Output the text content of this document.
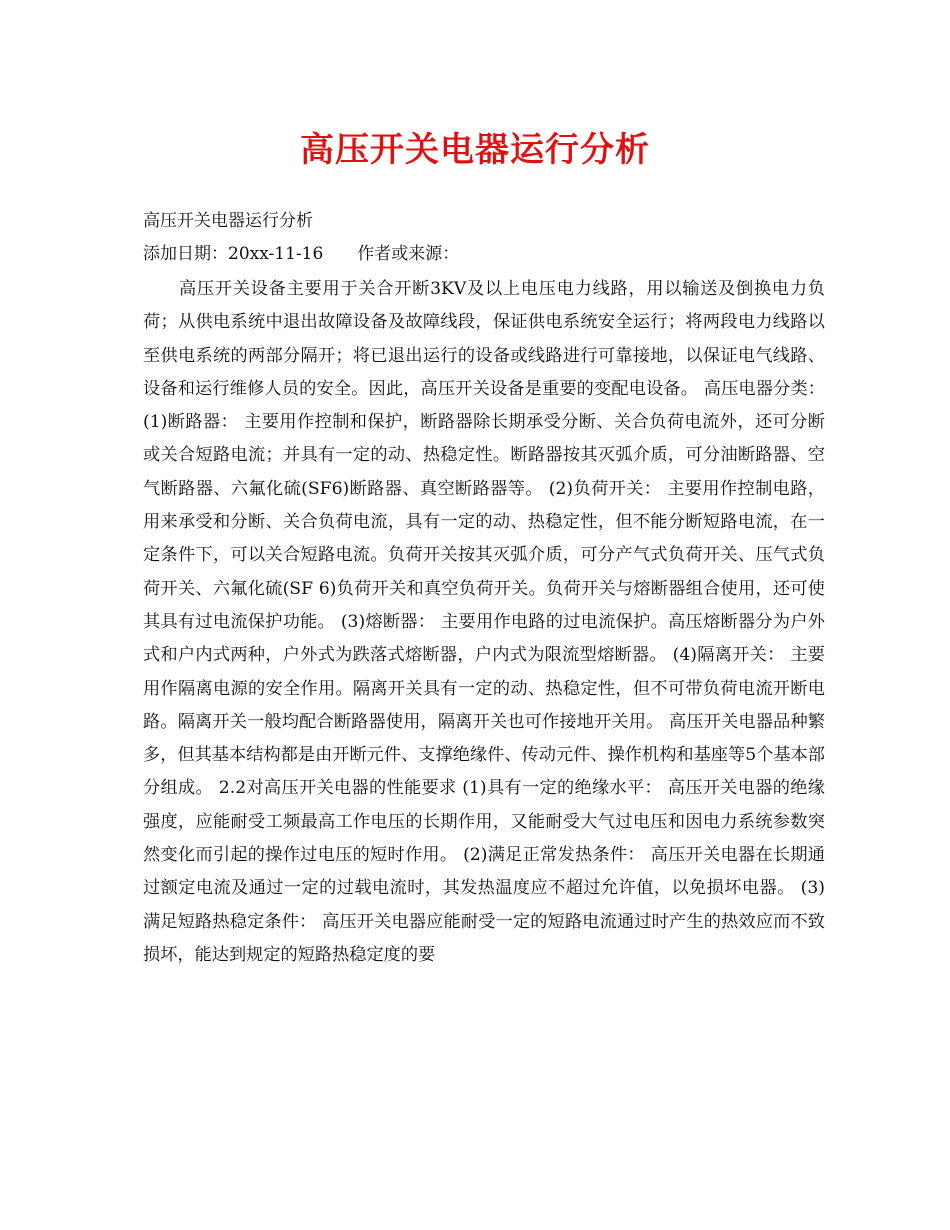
高压开关电器运行分析
高压开关电器运行分析
添加日期：20xx-11-16 作者或来源：

高压开关设备主要用于关合开断3KV及以上电压电力线路，用以输送及倒换电力负荷；从供电系统中退出故障设备及故障线段，保证供电系统安全运行；将两段电力线路以至供电系统的两部分隔开；将已退出运行的设备或线路进行可靠接地，以保证电气线路、设备和运行维修人员的安全。因此，高压开关设备是重要的变配电设备。 高压电器分类： (1)断路器： 主要用作控制和保护，断路器除长期承受分断、关合负荷电流外，还可分断或关合短路电流；并具有一定的动、热稳定性。断路器按其灭弧介质，可分油断路器、空气断路器、六氟化硫(SF6)断路器、真空断路器等。 (2)负荷开关： 主要用作控制电路，用来承受和分断、关合负荷电流，具有一定的动、热稳定性，但不能分断短路电流，在一定条件下，可以关合短路电流。负荷开关按其灭弧介质，可分产气式负荷开关、压气式负荷开关、六氟化硫(SF 6)负荷开关和真空负荷开关。负荷开关与熔断器组合使用，还可使其具有过电流保护功能。 (3)熔断器： 主要用作电路的过电流保护。高压熔断器分为户外式和户内式两种，户外式为跌落式熔断器，户内式为限流型熔断器。 (4)隔离开关： 主要用作隔离电源的安全作用。隔离开关具有一定的动、热稳定性，但不可带负荷电流开断电路。隔离开关一般均配合断路器使用，隔离开关也可作接地开关用。 高压开关电器品种繁多，但其基本结构都是由开断元件、支撑绝缘件、传动元件、操作机构和基座等5个基本部分组成。 2.2对高压开关电器的性能要求 (1)具有一定的绝缘水平： 高压开关电器的绝缘强度，应能耐受工频最高工作电压的长期作用，又能耐受大气过电压和因电力系统参数突然变化而引起的操作过电压的短时作用。 (2)满足正常发热条件： 高压开关电器在长期通过额定电流及通过一定的过载电流时，其发热温度应不超过允许值，以免损坏电器。 (3)满足短路热稳定条件： 高压开关电器应能耐受一定的短路电流通过时产生的热效应而不致损坏，能达到规定的短路热稳定度的要
